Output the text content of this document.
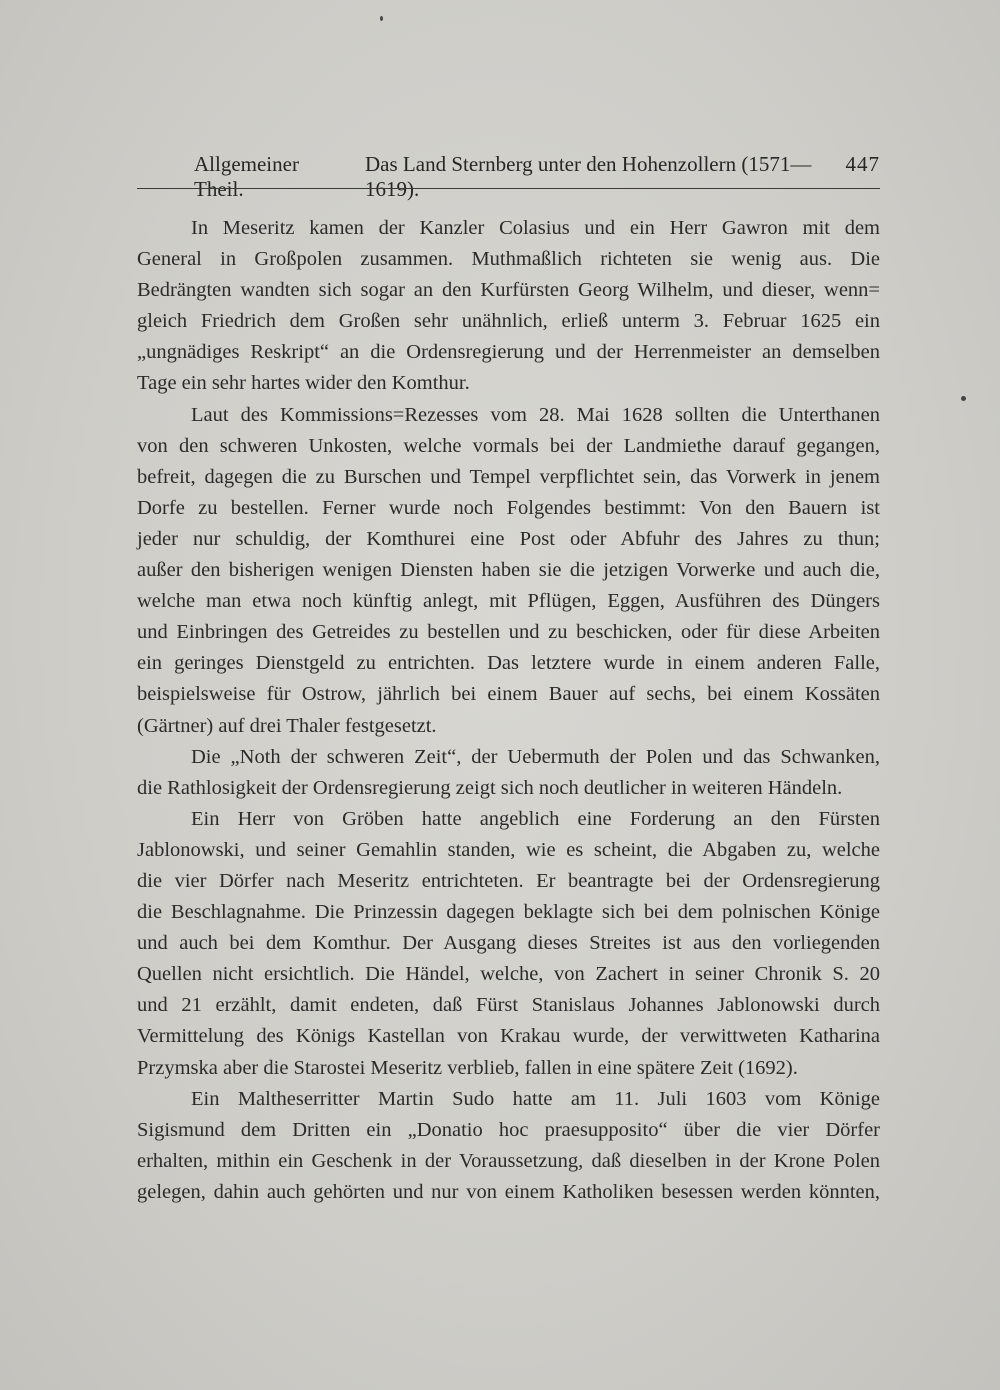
Allgemeiner Theil.
Das Land Sternberg unter den Hohenzollern (1571—1619).
447
In Meseritz kamen der Kanzler Colasius und ein Herr Gawron mit dem
General in Großpolen zusammen. Muthmaßlich richteten sie wenig aus. Die
Bedrängten wandten sich sogar an den Kurfürsten Georg Wilhelm, und dieser, wenn=
gleich Friedrich dem Großen sehr unähnlich, erließ unterm 3. Februar 1625 ein
„ungnädiges Reskript“ an die Ordensregierung und der Herrenmeister an demselben
Tage ein sehr hartes wider den Komthur.
Laut des Kommissions=Rezesses vom 28. Mai 1628 sollten die Unterthanen
von den schweren Unkosten, welche vormals bei der Landmiethe darauf gegangen,
befreit, dagegen die zu Burschen und Tempel verpflichtet sein, das Vorwerk in jenem
Dorfe zu bestellen. Ferner wurde noch Folgendes bestimmt: Von den Bauern ist
jeder nur schuldig, der Komthurei eine Post oder Abfuhr des Jahres zu thun;
außer den bisherigen wenigen Diensten haben sie die jetzigen Vorwerke und auch die,
welche man etwa noch künftig anlegt, mit Pflügen, Eggen, Ausführen des Düngers
und Einbringen des Getreides zu bestellen und zu beschicken, oder für diese Arbeiten
ein geringes Dienstgeld zu entrichten. Das letztere wurde in einem anderen Falle,
beispielsweise für Ostrow, jährlich bei einem Bauer auf sechs, bei einem Kossäten
(Gärtner) auf drei Thaler festgesetzt.
Die „Noth der schweren Zeit“, der Uebermuth der Polen und das Schwanken,
die Rathlosigkeit der Ordensregierung zeigt sich noch deutlicher in weiteren Händeln.
Ein Herr von Gröben hatte angeblich eine Forderung an den Fürsten
Jablonowski, und seiner Gemahlin standen, wie es scheint, die Abgaben zu, welche
die vier Dörfer nach Meseritz entrichteten. Er beantragte bei der Ordensregierung
die Beschlagnahme. Die Prinzessin dagegen beklagte sich bei dem polnischen Könige
und auch bei dem Komthur. Der Ausgang dieses Streites ist aus den vorliegenden
Quellen nicht ersichtlich. Die Händel, welche, von Zachert in seiner Chronik S. 20
und 21 erzählt, damit endeten, daß Fürst Stanislaus Johannes Jablonowski durch
Vermittelung des Königs Kastellan von Krakau wurde, der verwittweten Katharina
Przymska aber die Starostei Meseritz verblieb, fallen in eine spätere Zeit (1692).
Ein Maltheserritter Martin Sudo hatte am 11. Juli 1603 vom Könige
Sigismund dem Dritten ein „Donatio hoc praesupposito“ über die vier Dörfer
erhalten, mithin ein Geschenk in der Voraussetzung, daß dieselben in der Krone Polen
gelegen, dahin auch gehörten und nur von einem Katholiken besessen werden könnten,
